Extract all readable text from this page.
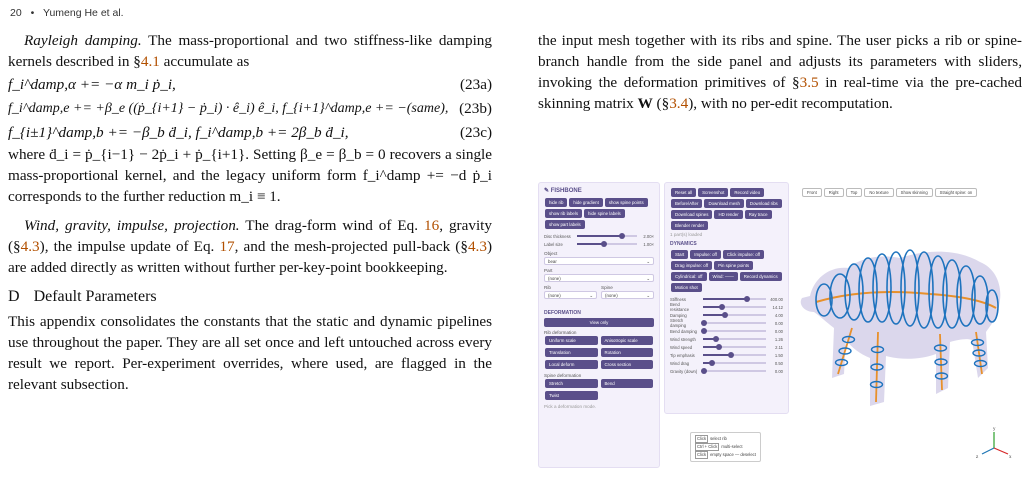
20 • Yumeng He et al.

Rayleigh damping. The mass-proportional and two stiffness-like damping kernels described in §4.1 accumulate as

f_i^damp,α += −α m_i ṗ_i,	(23a)
f_i^damp,e += +β_e ((ṗ_{i+1} − ṗ_i) · ê_i) ê_i, f_{i+1}^damp,e += −(same), (23b)
f_{i±1}^damp,b += −β_b ḋ_i, f_i^damp,b += 2β_b ḋ_i,	(23c)

where ḋ_i = ṗ_{i−1} − 2ṗ_i + ṗ_{i+1}. Setting β_e = β_b = 0 recovers a single mass-proportional kernel, and the legacy uniform form f_i^damp += −d ṗ_i corresponds to the further reduction m_i ≡ 1.

Wind, gravity, impulse, projection. The drag-form wind of Eq. 16, gravity (§4.3), the impulse update of Eq. 17, and the mesh-projected pull-back (§4.3) are added directly as written without further per-key-point bookkeeping.

D Default Parameters

This appendix consolidates the constants that the static and dynamic pipelines use throughout the paper. They are all set once and left untouched across every result we report. Per-experiment overrides, where used, are flagged in the relevant subsection.

the input mesh together with its ribs and spine. The user picks a rib or spine-branch handle from the side panel and adjusts its parameters with sliders, invoking the deformation primitives of §3.5 in real-time via the pre-cached skinning matrix W (§3.4), with no per-edit recomputation.

✎ FISHBONE
hide rib hide gradient show spine pointsshow rib labels hide spine labelsshow part labels
Disc thickness	2.00×
Label size	1.00×
Object
bear	⌄
Part
(none)	⌄
Rib
(none)	⌄
Spine
(none)	⌄
DEFORMATION
View only
Rib deformation
Uniform scale	Anisotropic scale
Translation	Rotation
Local deform	Cross section
Spine deformation
Stretch	Bend
Twist
Pick a deformation mode.
Reset all Screenshot Record videoBefore/After Download mesh Download ribsDownload spines HD render Ray traceBlender render
1 part(s) loaded
DYNAMICS
Start Impulse: off Click impulse: offDrag impulse: off Pin spine pointsCylindrical: off Wind: —— Record dynamicsMotion shot
Stiffness	400.00
Bend resistance	14.12
Damping	4.00
Stretch damping	0.00
Bend damping	0.00
Wind strength	1.26
Wind speed	2.11
Tip emphasis	1.50
Wind drag	0.50
Gravity (down)	0.00
Front	Right	Top	No texture	Show skinning	Straight spine: on
Click select rib
Ctrl + Click multi-select
Click empty space — deselect
y
x
z
